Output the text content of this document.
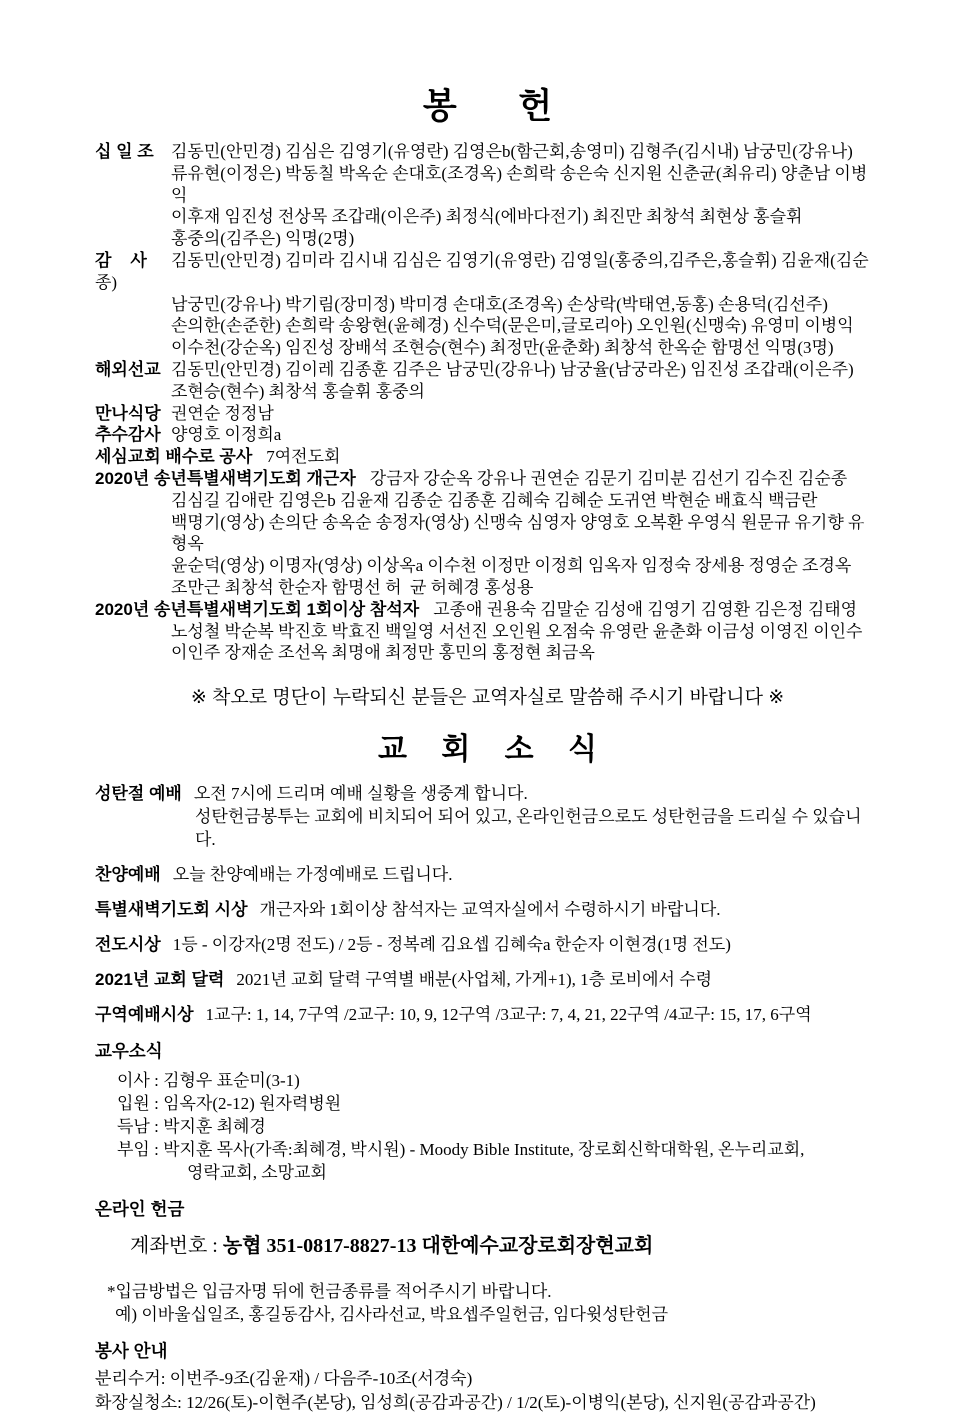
봉 헌
십 일 조 김동민(안민경) 김심은 김영기(유영란) 김영은b(함근회,송영미) 김형주(김시내) 남궁민(강유나)
류유현(이정은) 박동칠 박옥순 손대호(조경옥) 손희락 송은숙 신지원 신춘균(최유리) 양춘남 이병익
이후재 임진성 전상목 조갑래(이은주) 최정식(에바다전기) 최진만 최창석 최현상 홍슬휘
홍중의(김주은) 익명(2명)
감    사 김동민(안민경) 김미라 김시내 김심은 김영기(유영란) 김영일(홍중의,김주은,홍슬휘) 김윤재(김순종)
남궁민(강유나) 박기림(장미정) 박미경 손대호(조경옥) 손상락(박태연,동홍) 손용덕(김선주)
손의한(손준한) 손희락 송왕현(윤혜경) 신수덕(문은미,글로리아) 오인원(신맹숙) 유영미 이병익
이수천(강순옥) 임진성 장배석 조현승(현수) 최정만(윤춘화) 최창석 한옥순 함명선 익명(3명)
해외선교 김동민(안민경) 김이레 김종훈 김주은 남궁민(강유나) 남궁율(남궁라온) 임진성 조갑래(이은주)
조현승(현수) 최창석 홍슬휘 홍중의
만나식당 권연순 정정남
추수감사 양영호 이정희a
세심교회 배수로 공사 7여전도회
2020년 송년특별새벽기도회 개근자 강금자 강순옥 강유나 권연순 김문기 김미분 김선기 김수진 김순종
김심길 김애란 김영은b 김윤재 김종순 김종훈 김혜숙 김혜순 도귀연 박현순 배효식 백금란
백명기(영상) 손의단 송옥순 송정자(영상) 신맹숙 심영자 양영호 오복환 우영식 원문규 유기향 유형옥
윤순덕(영상) 이명자(영상) 이상옥a 이수천 이정만 이정희 임옥자 임정숙 장세용 정영순 조경옥
조만근 최창석 한순자 함명선 허  균 허혜경 홍성용
2020년 송년특별새벽기도회 1회이상 참석자 고종애 권용숙 김말순 김성애 김영기 김영환 김은정 김태영
노성철 박순복 박진호 박효진 백일영 서선진 오인원 오점숙 유영란 윤춘화 이금성 이영진 이인수
이인주 장재순 조선옥 최명애 최정만 홍민의 홍정현 최금옥
※ 착오로 명단이 누락되신 분들은 교역자실로 말씀해 주시기 바랍니다 ※
교 회 소 식
성탄절 예배 오전 7시에 드리며 예배 실황을 생중계 합니다.
성탄헌금봉투는 교회에 비치되어 되어 있고, 온라인헌금으로도 성탄헌금을 드리실 수 있습니다.
찬양예배 오늘 찬양예배는 가정예배로 드립니다.
특별새벽기도회 시상 개근자와 1회이상 참석자는 교역자실에서 수령하시기 바랍니다.
전도시상 1등 - 이강자(2명 전도) / 2등 - 정복례 김요셉 김혜숙a 한순자 이현경(1명 전도)
2021년 교회 달력 2021년 교회 달력 구역별 배분(사업체, 가게+1), 1층 로비에서 수령
구역예배시상 1교구: 1, 14, 7구역 /2교구: 10, 9, 12구역 /3교구: 7, 4, 21, 22구역 /4교구: 15, 17, 6구역
교우소식
이사 : 김형우 표순미(3-1)
입원 : 임옥자(2-12) 원자력병원
득남 : 박지훈 최혜경
부임 : 박지훈 목사(가족:최혜경, 박시원) - Moody Bible Institute, 장로회신학대학원, 온누리교회,
영락교회, 소망교회
온라인 헌금
계좌번호 : 농협 351-0817-8827-13 대한예수교장로회장현교회
*입금방법은 입금자명 뒤에 헌금종류를 적어주시기 바랍니다.
예) 이바울십일조, 홍길동감사, 김사라선교, 박요셉주일헌금, 임다윗성탄헌금
봉사 안내
분리수거: 이번주-9조(김윤재) / 다음주-10조(서경숙)
화장실청소: 12/26(토)-이현주(본당), 임성희(공감과공간) / 1/2(토)-이병익(본당), 신지원(공감과공간)
